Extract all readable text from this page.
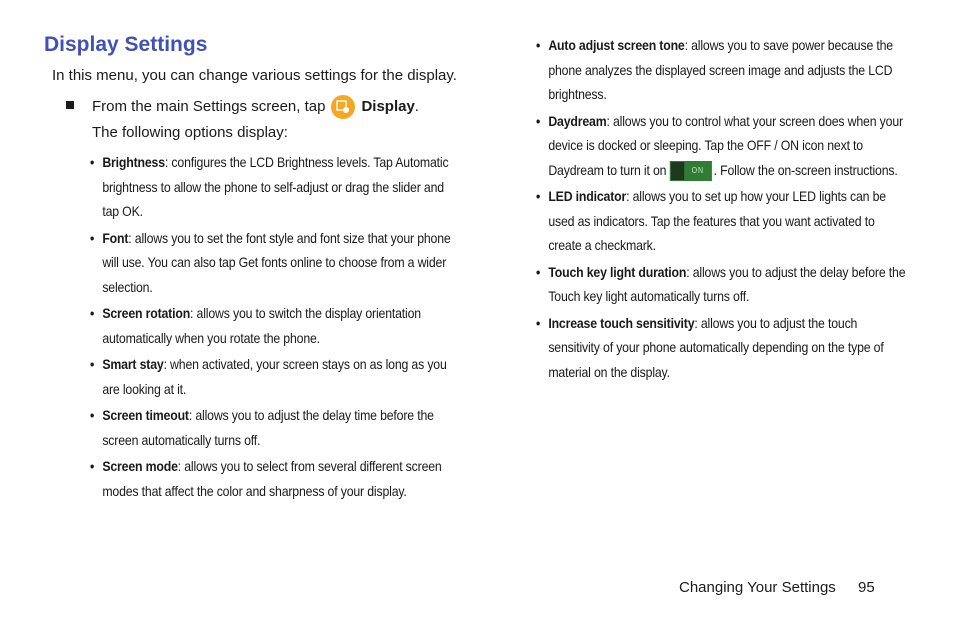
Display Settings

In this menu, you can change various settings for the display.

From the main Settings screen, tap Display .
The following options display:
• Brightness: configures the LCD Brightness levels. Tap Automatic brightness to allow the phone to self-adjust or drag the slider and tap OK.
• Font: allows you to set the font style and font size that your phone will use. You can also tap Get fonts online to choose from a wider selection.
• Screen rotation: allows you to switch the display orientation automatically when you rotate the phone.
• Smart stay: when activated, your screen stays on as long as you are looking at it.
• Screen timeout: allows you to adjust the delay time before the screen automatically turns off.
• Screen mode: allows you to select from several different screen modes that affect the color and sharpness of your display.
• Auto adjust screen tone: allows you to save power because the phone analyzes the displayed screen image and adjusts the LCD brightness.
• Daydream: allows you to control what your screen does when your device is docked or sleeping. Tap the OFF / ON icon next to Daydream to turn it on	ON . Follow the on-screen instructions.
• LED indicator: allows you to set up how your LED lights can be used as indicators. Tap the features that you want activated to create a checkmark.
• Touch key light duration: allows you to adjust the delay before the Touch key light automatically turns off.
• Increase touch sensitivity: allows you to adjust the touch sensitivity of your phone automatically depending on the type of material on the display.
Changing Your Settings 95
